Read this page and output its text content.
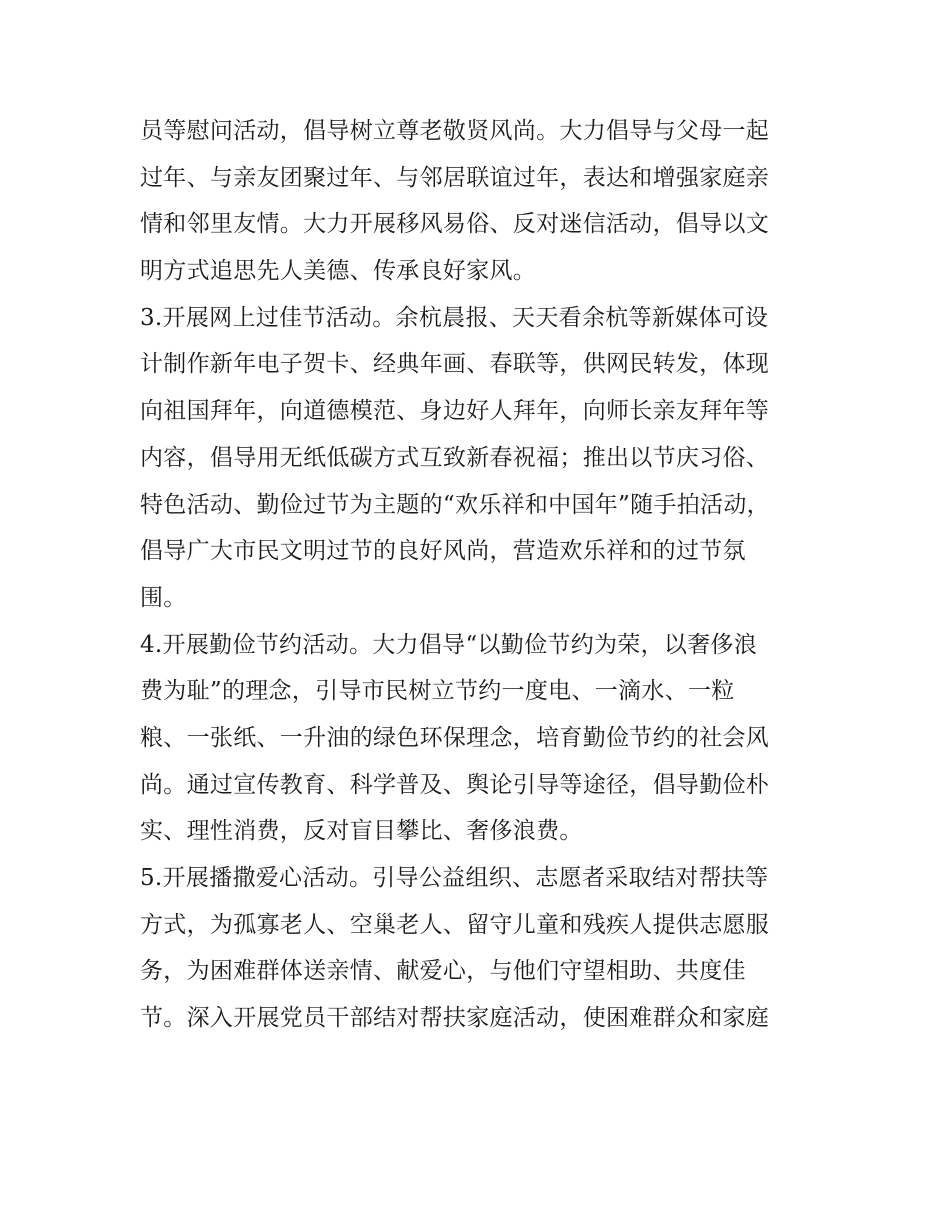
员等慰问活动，倡导树立尊老敬贤风尚。大力倡导与父母一起
过年、与亲友团聚过年、与邻居联谊过年，表达和增强家庭亲
情和邻里友情。大力开展移风易俗、反对迷信活动，倡导以文
明方式追思先人美德、传承良好家风。
3.开展网上过佳节活动。余杭晨报、天天看余杭等新媒体可设
计制作新年电子贺卡、经典年画、春联等，供网民转发，体现
向祖国拜年，向道德模范、身边好人拜年，向师长亲友拜年等
内容，倡导用无纸低碳方式互致新春祝福；推出以节庆习俗、
特色活动、勤俭过节为主题的“欢乐祥和中国年”随手拍活动，
倡导广大市民文明过节的良好风尚，营造欢乐祥和的过节氛
围。
4.开展勤俭节约活动。大力倡导“以勤俭节约为荣，以奢侈浪
费为耻”的理念，引导市民树立节约一度电、一滴水、一粒
粮、一张纸、一升油的绿色环保理念，培育勤俭节约的社会风
尚。通过宣传教育、科学普及、舆论引导等途径，倡导勤俭朴
实、理性消费，反对盲目攀比、奢侈浪费。
5.开展播撒爱心活动。引导公益组织、志愿者采取结对帮扶等
方式，为孤寡老人、空巢老人、留守儿童和残疾人提供志愿服
务，为困难群体送亲情、献爱心，与他们守望相助、共度佳
节。深入开展党员干部结对帮扶家庭活动，使困难群众和家庭
